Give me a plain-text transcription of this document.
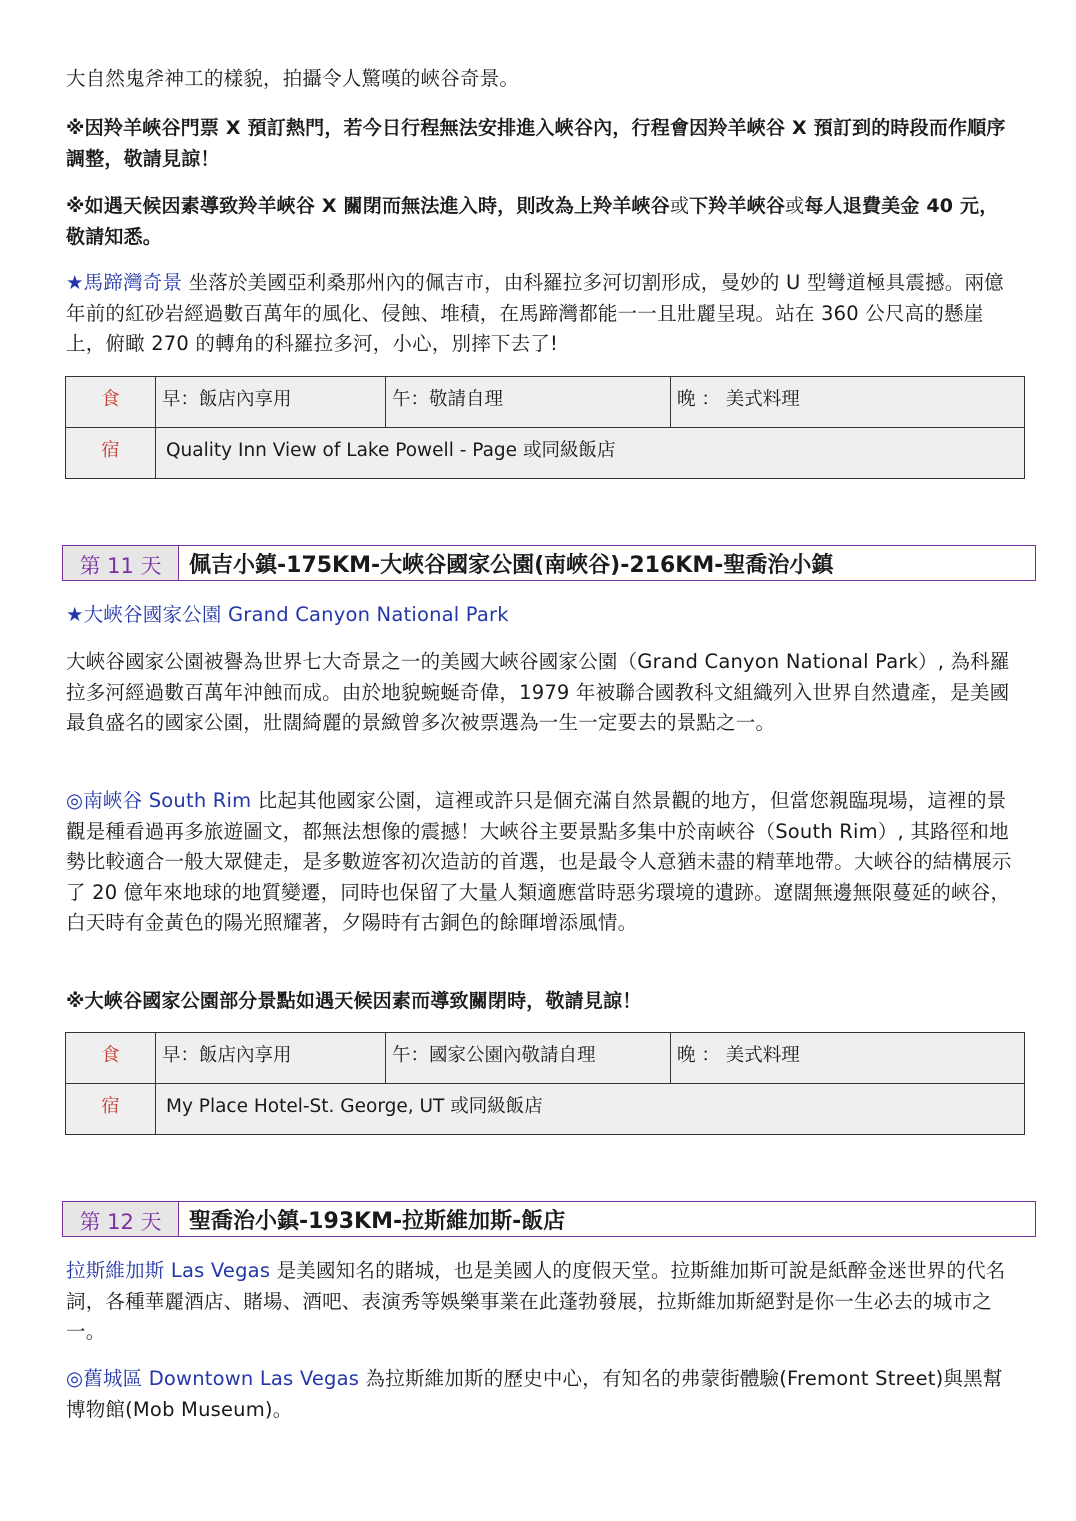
大自然鬼斧神工的樣貌，拍攝令人驚嘆的峽谷奇景。

※因羚羊峽谷門票 X 預訂熱門，若今日行程無法安排進入峽谷內，行程會因羚羊峽谷 X 預訂到的時段而作順序調整，敬請見諒！

※如遇天候因素導致羚羊峽谷 X 關閉而無法進入時，則改為上羚羊峽谷或下羚羊峽谷或每人退費美金 40 元，敬請知悉。

★馬蹄灣奇景 坐落於美國亞利桑那州內的佩吉市，由科羅拉多河切割形成，曼妙的 U 型彎道極具震撼。兩億年前的紅砂岩經過數百萬年的風化、侵蝕、堆積，在馬蹄灣都能一一且壯麗呈現。站在 360 公尺高的懸崖上，俯瞰 270 的轉角的科羅拉多河，小心，別摔下去了!

食	早：飯店內享用	午：敬請自理	晚 ： 美式料理
宿	Quality Inn View of Lake Powell - Page 或同級飯店		
第 11 天	佩吉小鎮-175KM-大峽谷國家公園(南峽谷)-216KM-聖喬治小鎮

★大峽谷國家公園 Grand Canyon National Park

大峽谷國家公園被譽為世界七大奇景之一的美國大峽谷國家公園（Grand Canyon National Park）, 為科羅拉多河經過數百萬年沖蝕而成。由於地貌蜿蜒奇偉，1979 年被聯合國教科文組織列入世界自然遺產，是美國最負盛名的國家公園，壯闊綺麗的景緻曾多次被票選為一生一定要去的景點之一。

◎南峽谷 South Rim 比起其他國家公園，這裡或許只是個充滿自然景觀的地方，但當您親臨現場，這裡的景觀是種看過再多旅遊圖文，都無法想像的震撼！大峽谷主要景點多集中於南峽谷（South Rim）, 其路徑和地勢比較適合一般大眾健走，是多數遊客初次造訪的首選，也是最令人意猶未盡的精華地帶。大峽谷的結構展示了 20 億年來地球的地質變遷，同時也保留了大量人類適應當時惡劣環境的遺跡。遼闊無邊無限蔓延的峽谷，白天時有金黃色的陽光照耀著，夕陽時有古銅色的餘暉增添風情。

※大峽谷國家公園部分景點如遇天候因素而導致關閉時，敬請見諒！

食	早：飯店內享用	午：國家公園內敬請自理	晚 ： 美式料理
宿	My Place Hotel-St. George, UT 或同級飯店		
第 12 天	聖喬治小鎮-193KM-拉斯維加斯-飯店

拉斯維加斯 Las Vegas 是美國知名的賭城，也是美國人的度假天堂。拉斯維加斯可說是紙醉金迷世界的代名詞，各種華麗酒店、賭場、酒吧、表演秀等娛樂事業在此蓬勃發展，拉斯維加斯絕對是你一生必去的城市之一。

◎舊城區 Downtown Las Vegas 為拉斯維加斯的歷史中心，有知名的弗蒙街體驗(Fremont Street)與黑幫博物館(Mob Museum)。
